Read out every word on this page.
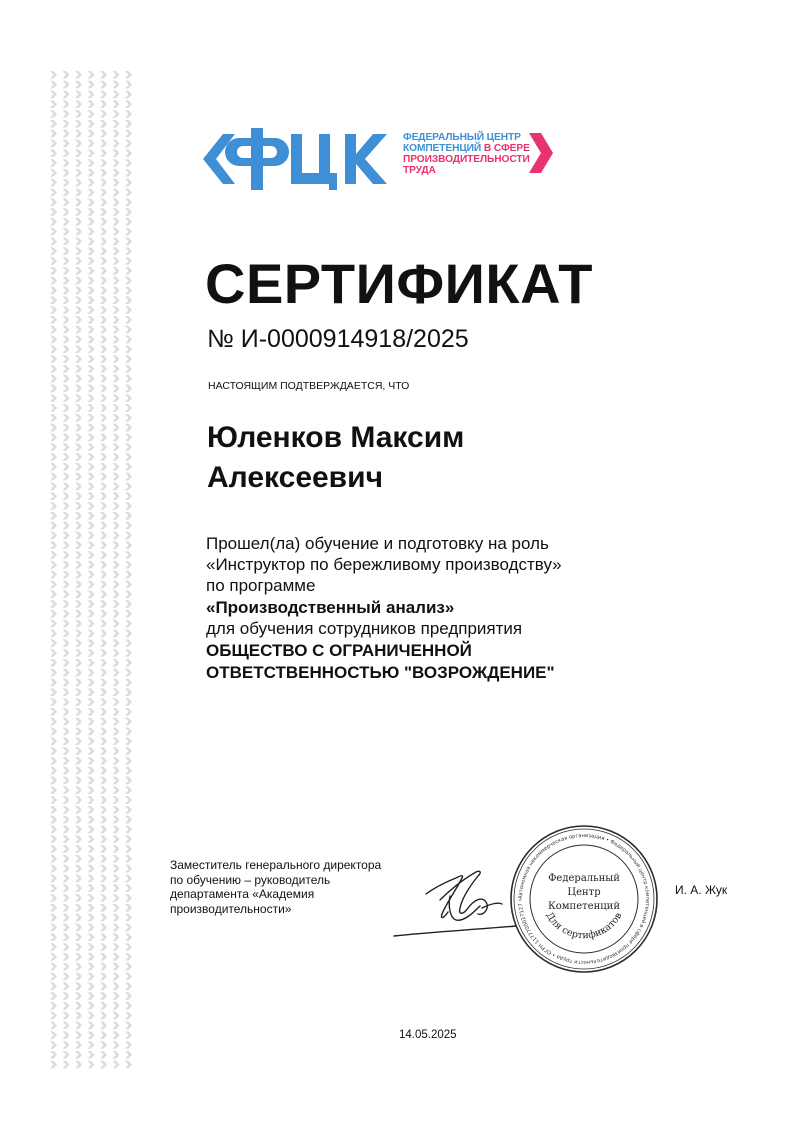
ФЕДЕРАЛЬНЫЙ ЦЕНТР
КОМПЕТЕНЦИЙ В СФЕРЕ
ПРОИЗВОДИТЕЛЬНОСТИ
ТРУДА
СЕРТИФИКАТ
№ И-0000914918/2025
НАСТОЯЩИМ ПОДТВЕРЖДАЕТСЯ, ЧТО
Юленков Максим
Алексеевич
Прошел(ла) обучение и подготовку на роль
«Инструктор по бережливому производству»
по программе
«Производственный анализ»
для обучения сотрудников предприятия
ОБЩЕСТВО С ОГРАНИЧЕННОЙ
ОТВЕТСТВЕННОСТЬЮ "ВОЗРОЖДЕНИЕ"
Заместитель генерального директора
по обучению – руководитель
департамента «Академия
производительности»
Автономная некоммерческая организация • Федеральный центр компетенций в сфере производительности труда • ОГРН 1177700027127 •
Федеральный
Центр
Компетенций
Для сертификатов
И. А. Жук
14.05.2025
